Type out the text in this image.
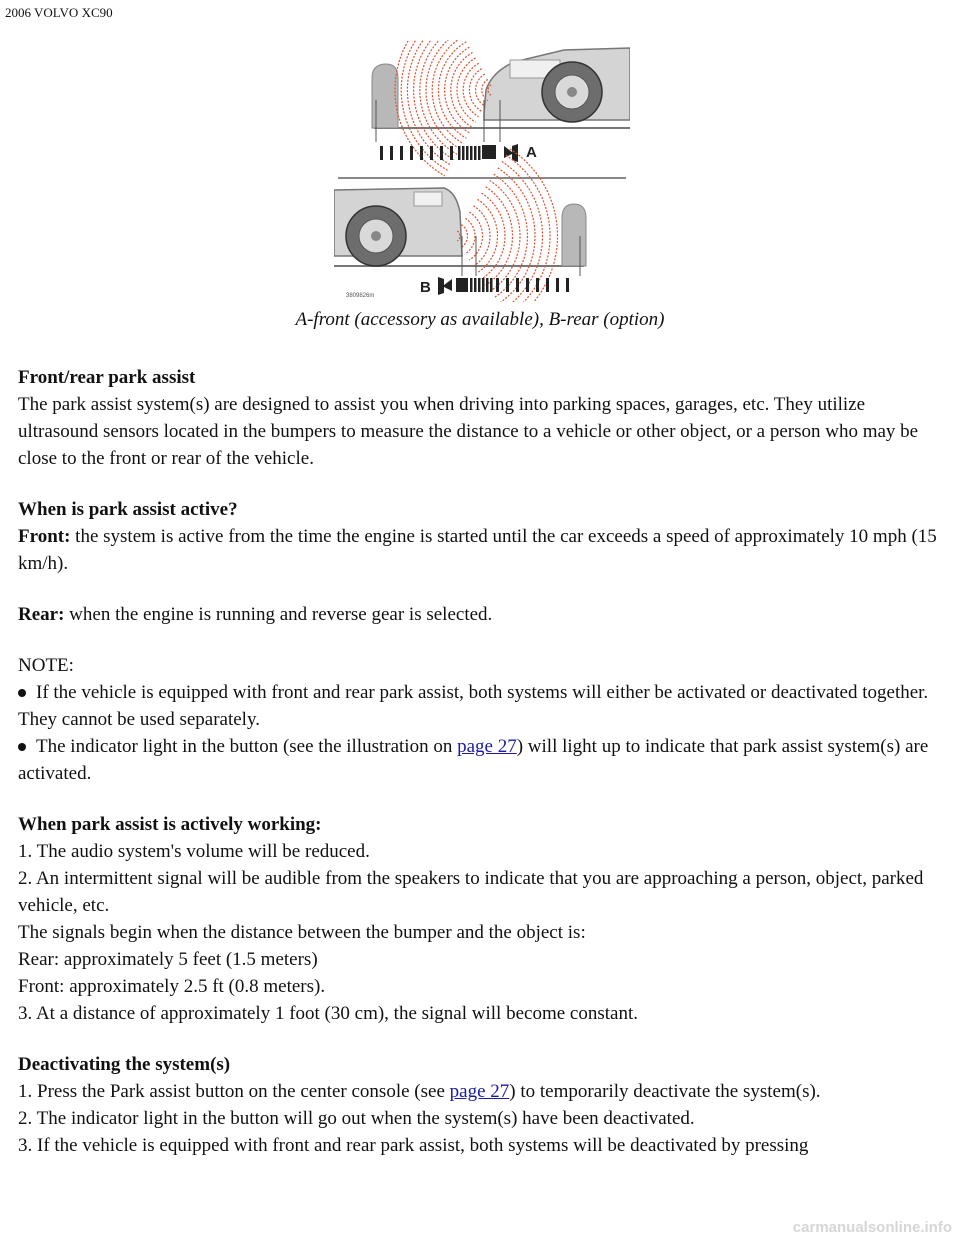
2006 VOLVO XC90
A
B
3809826m
A-front (accessory as available), B-rear (option)
Front/rear park assist
The park assist system(s) are designed to assist you when driving into parking spaces, garages, etc. They utilize ultrasound sensors located in the bumpers to measure the distance to a vehicle or other object, or a person who may be close to the front or rear of the vehicle.
When is park assist active?
Front: the system is active from the time the engine is started until the car exceeds a speed of approximately 10 mph (15 km/h).
Rear: when the engine is running and reverse gear is selected.
NOTE:
If the vehicle is equipped with front and rear park assist, both systems will either be activated or deactivated together. They cannot be used separately.
The indicator light in the button (see the illustration on page 27) will light up to indicate that park assist system(s) are activated.
When park assist is actively working:
1. The audio system's volume will be reduced.
2. An intermittent signal will be audible from the speakers to indicate that you are approaching a person, object, parked vehicle, etc.
The signals begin when the distance between the bumper and the object is:
Rear: approximately 5 feet (1.5 meters)
Front: approximately 2.5 ft (0.8 meters).
3. At a distance of approximately 1 foot (30 cm), the signal will become constant.
Deactivating the system(s)
1. Press the Park assist button on the center console (see page 27) to temporarily deactivate the system(s).
2. The indicator light in the button will go out when the system(s) have been deactivated.
3. If the vehicle is equipped with front and rear park assist, both systems will be deactivated by pressing
carmanualsonline.info
